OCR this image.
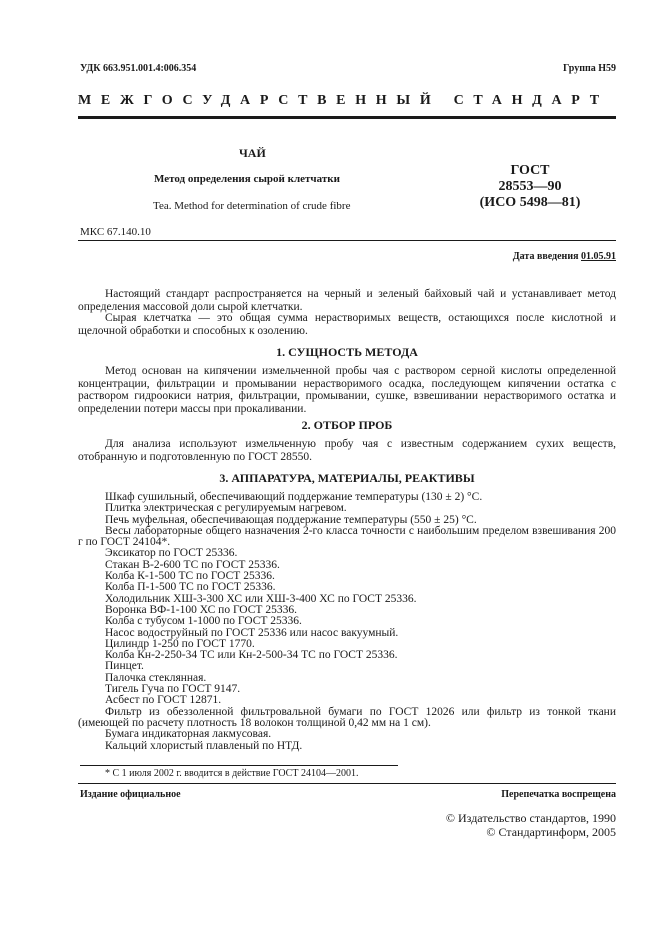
УДК 663.951.001.4:006.354	Группа Н59
МЕЖГОСУДАРСТВЕННЫЙ СТАНДАРТ
ЧАЙ
Метод определения сырой клетчатки
Tea. Method for determination of crude fibre
ГОСТ
28553—90
(ИСО 5498—81)
МКС 67.140.10
Дата введения 01.05.91
Настоящий стандарт распространяется на черный и зеленый байховый чай и устанавливает метод определения массовой доли сырой клетчатки.
Сырая клетчатка — это общая сумма нерастворимых веществ, остающихся после кислотной и щелочной обработки и способных к озолению.
1. СУЩНОСТЬ МЕТОДА
Метод основан на кипячении измельченной пробы чая с раствором серной кислоты определенной концентрации, фильтрации и промывании нерастворимого осадка, последующем кипячении остатка с раствором гидроокиси натрия, фильтрации, промывании, сушке, взвешивании нерастворимого остатка и определении потери массы при прокаливании.
2. ОТБОР ПРОБ
Для анализа используют измельченную пробу чая с известным содержанием сухих веществ, отобранную и подготовленную по ГОСТ 28550.
3. АППАРАТУРА, МАТЕРИАЛЫ, РЕАКТИВЫ
Шкаф сушильный, обеспечивающий поддержание температуры (130 ± 2) °С.
Плитка электрическая с регулируемым нагревом.
Печь муфельная, обеспечивающая поддержание температуры (550 ± 25) °С.
Весы лабораторные общего назначения 2-го класса точности с наибольшим пределом взвешивания 200 г по ГОСТ 24104*.
Эксикатор по ГОСТ 25336.
Стакан В-2-600 ТС по ГОСТ 25336.
Колба К-1-500 ТС по ГОСТ 25336.
Колба П-1-500 ТС по ГОСТ 25336.
Холодильник ХШ-3-300 ХС или ХШ-3-400 ХС по ГОСТ 25336.
Воронка ВФ-1-100 ХС по ГОСТ 25336.
Колба с тубусом 1-1000 по ГОСТ 25336.
Насос водоструйный по ГОСТ 25336 или насос вакуумный.
Цилиндр 1-250 по ГОСТ 1770.
Колба Кн-2-250-34 ТС или Кн-2-500-34 ТС по ГОСТ 25336.
Пинцет.
Палочка стеклянная.
Тигель Гуча по ГОСТ 9147.
Асбест по ГОСТ 12871.
Фильтр из обеззоленной фильтровальной бумаги по ГОСТ 12026 или фильтр из тонкой ткани (имеющей по расчету плотность 18 волокон толщиной 0,42 мм на 1 см).
Бумага индикаторная лакмусовая.
Кальций хлористый плавленый по НТД.
* С 1 июля 2002 г. вводится в действие ГОСТ 24104—2001.
Издание официальное	Перепечатка воспрещена
© Издательство стандартов, 1990
© Стандартинформ, 2005
